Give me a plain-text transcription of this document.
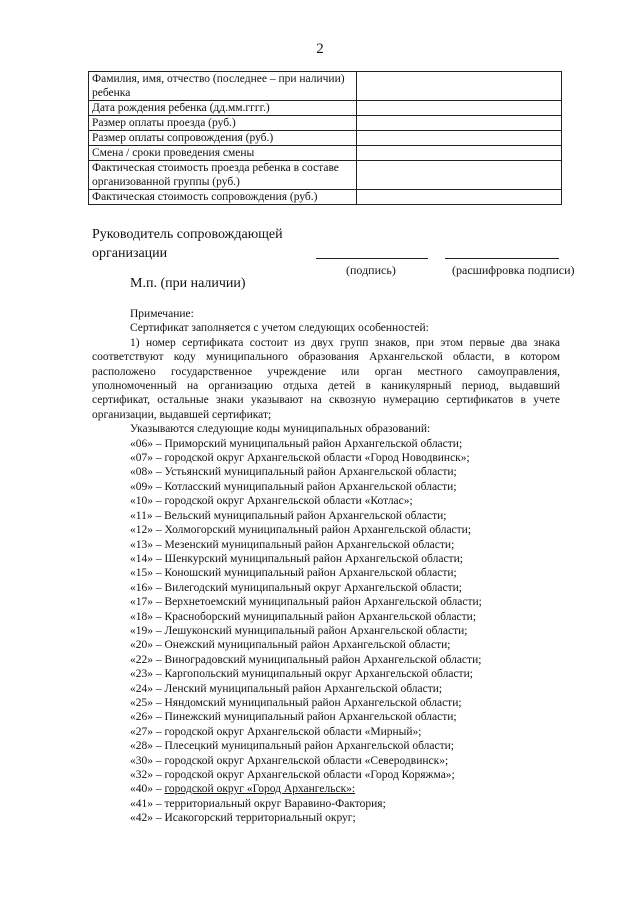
2
Фамилия, имя, отчество (последнее – при наличии) ребенка	
Дата рождения ребенка (дд.мм.гггг.)	
Размер оплаты проезда (руб.)	
Размер оплаты сопровождения (руб.)	
Смена / сроки проведения смены	
Фактическая стоимость проезда ребенка в составе организованной группы (руб.)	
Фактическая стоимость сопровождения (руб.)	
Руководитель сопровождающей
организации
(подпись)	(расшифровка подписи)
М.п. (при наличии)

Примечание:

Сертификат заполняется с учетом следующих особенностей:

1) номер сертификата состоит из двух групп знаков, при этом первые два знака соответствуют коду муниципального образования Архангельской области, в котором расположено государственное учреждение или орган местного самоуправления, уполномоченный на организацию отдыха детей в каникулярный период, выдавший сертификат, остальные знаки указывают на сквозную нумерацию сертификатов в учете организации, выдавшей сертификат;

Указываются следующие коды муниципальных образований:

«06» – Приморский муниципальный район Архангельской области;

«07» – городской округ Архангельской области «Город Новодвинск»;

«08» – Устьянский муниципальный район Архангельской области;

«09» – Котласский муниципальный район Архангельской области;

«10» – городской округ Архангельской области «Котлас»;

«11» – Вельский муниципальный район Архангельской области;

«12» – Холмогорский муниципальный район Архангельской области;

«13» – Мезенский муниципальный район Архангельской области;

«14» – Шенкурский муниципальный район Архангельской области;

«15» – Коношский муниципальный район Архангельской области;

«16» – Вилегодский муниципальный округ Архангельской области;

«17» – Верхнетоемский муниципальный район Архангельской области;

«18» – Красноборский муниципальный район Архангельской области;

«19» – Лешуконский муниципальный район Архангельской области;

«20» – Онежский муниципальный район Архангельской области;

«22» – Виноградовский муниципальный район Архангельской области;

«23» – Каргопольский муниципальный округ Архангельской области;

«24» – Ленский муниципальный район Архангельской области;

«25» – Няндомский муниципальный район Архангельской области;

«26» – Пинежский муниципальный район Архангельской области;

«27» – городской округ Архангельской области «Мирный»;

«28» – Плесецкий муниципальный район Архангельской области;

«30» – городской округ Архангельской области «Северодвинск»;

«32» – городской округ Архангельской области «Город Коряжма»;

«40» – городской округ «Город Архангельск»:

«41» – территориальный округ Варавино-Фактория;

«42» – Исакогорский территориальный округ;
